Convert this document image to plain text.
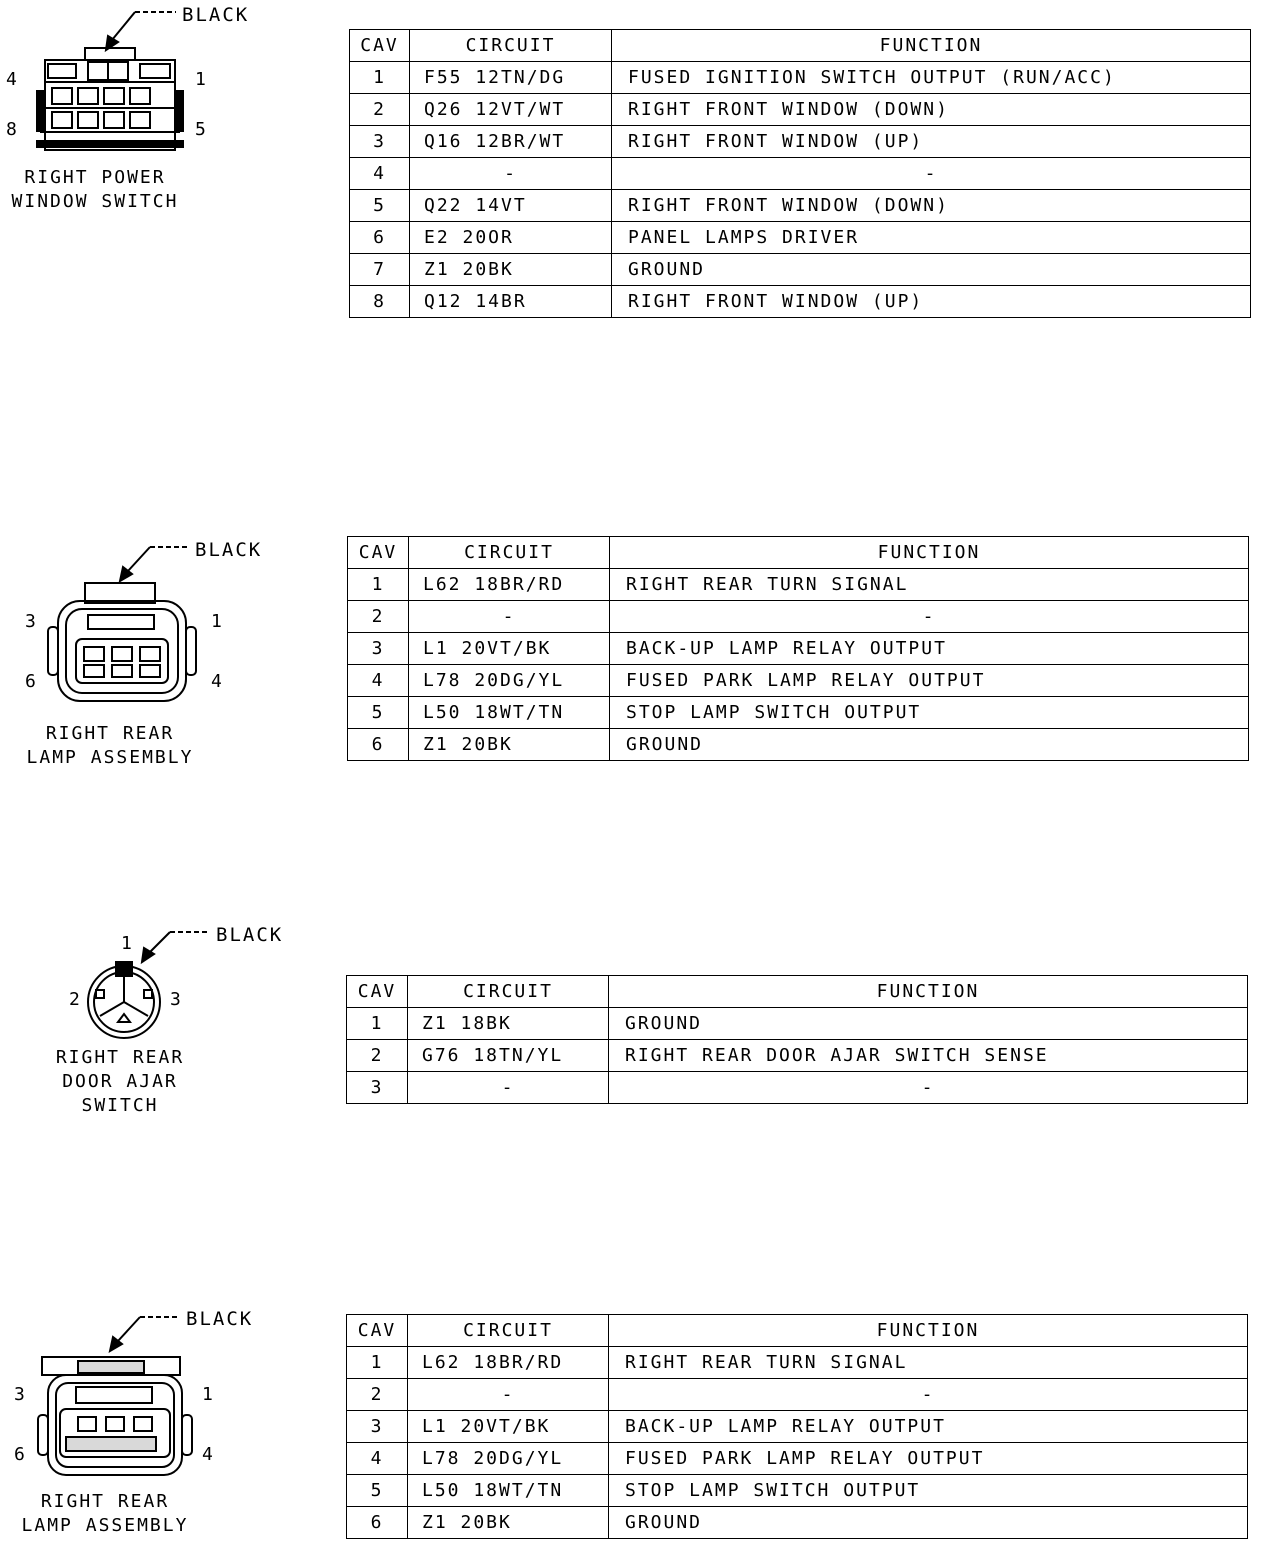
BLACK
4	1
8	5
RIGHT POWER
WINDOW SWITCH
CAV	CIRCUIT	FUNCTION
1	F55 12TN/DG	FUSED IGNITION SWITCH OUTPUT (RUN/ACC)
2	Q26 12VT/WT	RIGHT FRONT WINDOW (DOWN)
3	Q16 12BR/WT	RIGHT FRONT WINDOW (UP)
4	-	-
5	Q22 14VT	RIGHT FRONT WINDOW (DOWN)
6	E2 20OR	PANEL LAMPS DRIVER
7	Z1 20BK	GROUND
8	Q12 14BR	RIGHT FRONT WINDOW (UP)
BLACK
3	1
6	4
RIGHT REAR
LAMP ASSEMBLY
CAV	CIRCUIT	FUNCTION
1	L62 18BR/RD	RIGHT REAR TURN SIGNAL
2	-	-
3	L1 20VT/BK	BACK-UP LAMP RELAY OUTPUT
4	L78 20DG/YL	FUSED PARK LAMP RELAY OUTPUT
5	L50 18WT/TN	STOP LAMP SWITCH OUTPUT
6	Z1 20BK	GROUND
BLACK
1
2	3
RIGHT REAR
DOOR AJAR
SWITCH
CAV	CIRCUIT	FUNCTION
1	Z1 18BK	GROUND
2	G76 18TN/YL	RIGHT REAR DOOR AJAR SWITCH SENSE
3	-	-
BLACK
3	1
6	4
RIGHT REAR
LAMP ASSEMBLY
CAV	CIRCUIT	FUNCTION
1	L62 18BR/RD	RIGHT REAR TURN SIGNAL
2	-	-
3	L1 20VT/BK	BACK-UP LAMP RELAY OUTPUT
4	L78 20DG/YL	FUSED PARK LAMP RELAY OUTPUT
5	L50 18WT/TN	STOP LAMP SWITCH OUTPUT
6	Z1 20BK	GROUND
